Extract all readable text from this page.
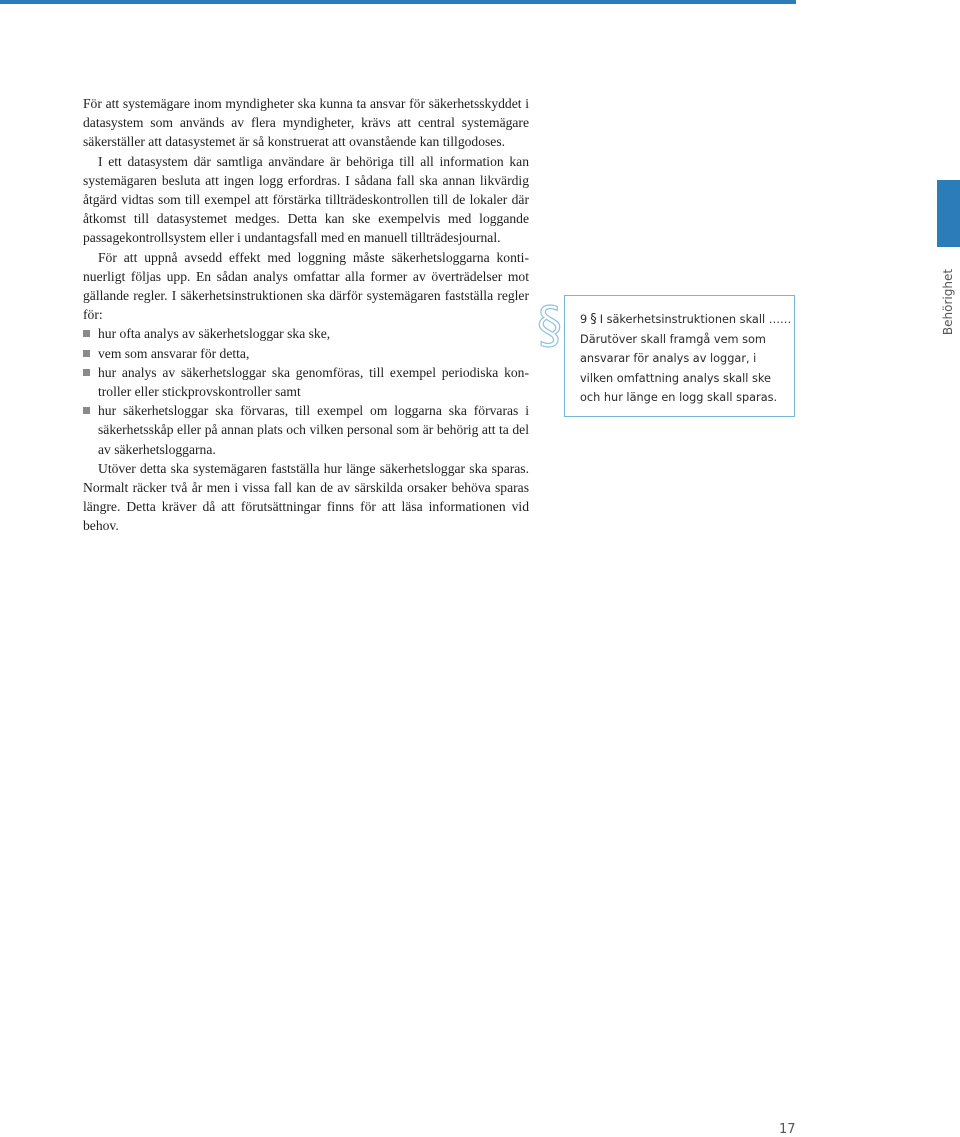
För att systemägare inom myndigheter ska kunna ta ansvar för säkerhetsskyddet i datasystem som används av flera myndigheter, krävs att central systemägare säkerställer att datasystemet är så konstruerat att ovanstående kan tillgodoses.

I ett datasystem där samtliga användare är behöriga till all information kan systemägaren besluta att ingen logg erfordras. I sådana fall ska annan likvärdig åtgärd vidtas som till exempel att förstärka tillträdeskontrollen till de lokaler där åtkomst till datasystemet medges. Detta kan ske exempelvis med loggande passagekontrollsystem eller i undantagsfall med en manuell tillträdesjournal.

För att uppnå avsedd effekt med loggning måste säkerhetsloggarna kontinuerligt följas upp. En sådan analys omfattar alla former av överträdelser mot gällande regler. I säkerhetsinstruktionen ska därför systemägaren fastställa regler för:

hur ofta analys av säkerhetsloggar ska ske,
vem som ansvarar för detta,
hur analys av säkerhetsloggar ska genomföras, till exempel periodiska kontroller eller stickprovskontroller samt
hur säkerhetsloggar ska förvaras, till exempel om loggarna ska förvaras i säkerhetsskåp eller på annan plats och vilken personal som är behörig att ta del av säkerhetsloggarna.

Utöver detta ska systemägaren fastställa hur länge säkerhetsloggar ska sparas. Normalt räcker två år men i vissa fall kan de av särskilda orsaker behöva sparas längre. Detta kräver då att förutsättningar finns för att läsa informationen vid behov.

§ 9 § I säkerhetsinstruktionen skall ……

Därutöver skall framgå vem som ansvarar för analys av loggar, i vilken omfattning analys skall ske och hur länge en logg skall sparas.

Behörighet
17
